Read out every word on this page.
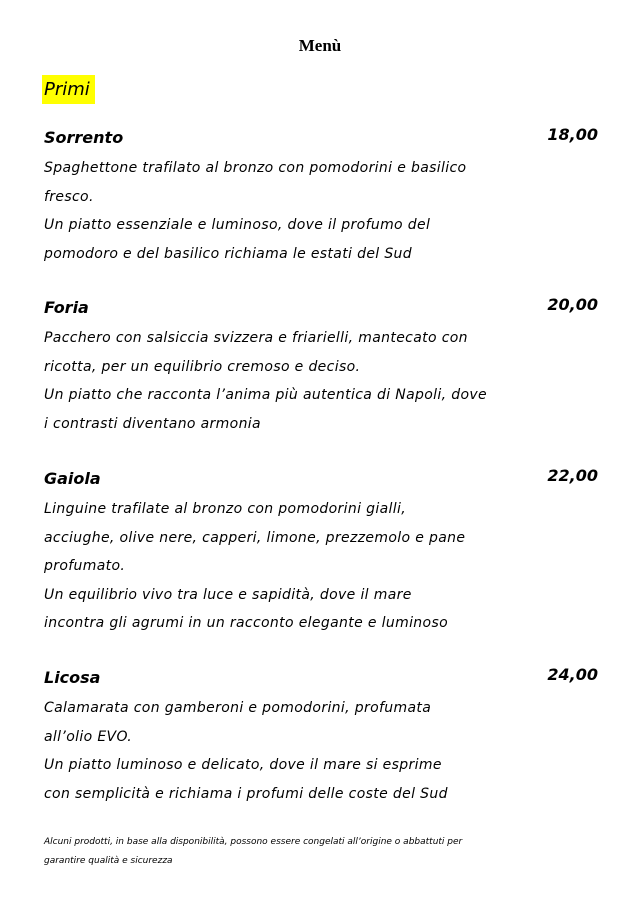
Menù
Primi
Sorrento	18,00
Spaghettone trafilato al bronzo con pomodorini e basilico
fresco.
Un piatto essenziale e luminoso, dove il profumo del
pomodoro e del basilico richiama le estati del Sud
Foria	20,00
Pacchero con salsiccia svizzera e friarielli, mantecato con
ricotta, per un equilibrio cremoso e deciso.
Un piatto che racconta l’anima più autentica di Napoli, dove
i contrasti diventano armonia
Gaiola	22,00
Linguine trafilate al bronzo con pomodorini gialli,
acciughe, olive nere, capperi, limone, prezzemolo e pane
profumato.
Un equilibrio vivo tra luce e sapidità, dove il mare
incontra gli agrumi in un racconto elegante e luminoso
Licosa	24,00
Calamarata con gamberoni e pomodorini, profumata
all’olio EVO.
Un piatto luminoso e delicato, dove il mare si esprime
con semplicità e richiama i profumi delle coste del Sud
Alcuni prodotti, in base alla disponibilità, possono essere congelati all’origine o abbattuti per
garantire qualità e sicurezza
